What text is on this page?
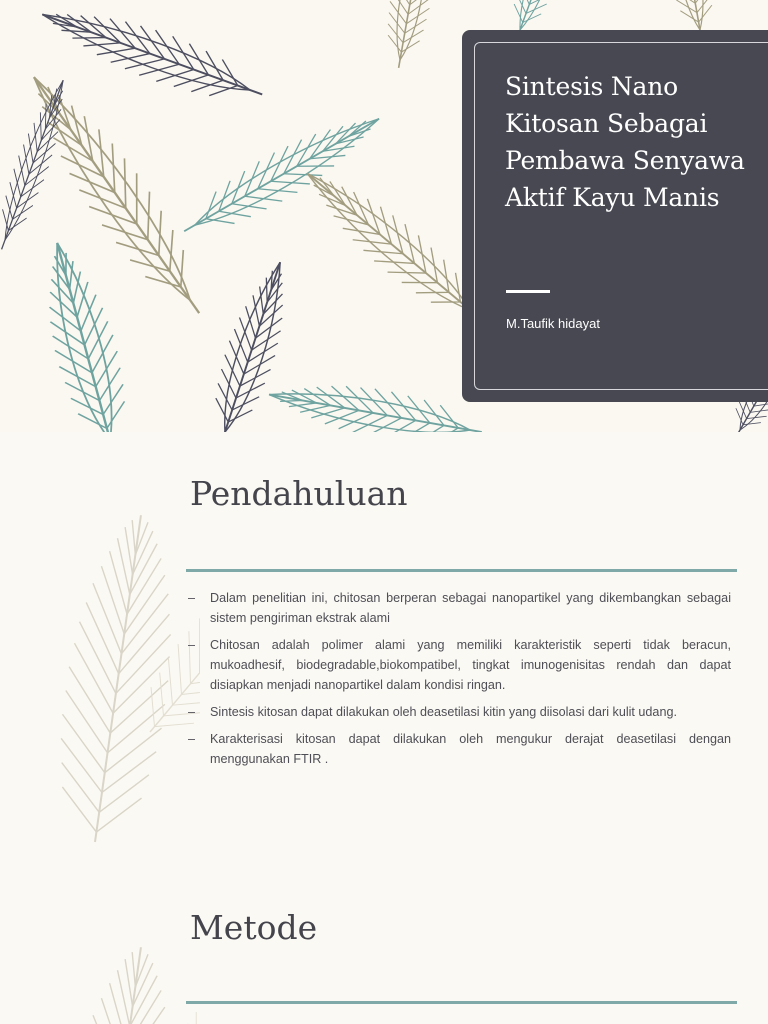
Sintesis Nano Kitosan Sebagai Pembawa Senyawa Aktif Kayu Manis
M.Taufik hidayat
Pendahuluan
– Dalam penelitian ini, chitosan berperan sebagai nanopartikel yang dikembangkan sebagai sistem pengiriman ekstrak alami
– Chitosan adalah polimer alami yang memiliki karakteristik seperti tidak beracun, mukoadhesif, biodegradable,biokompatibel, tingkat imunogenisitas rendah dan dapat disiapkan menjadi nanopartikel dalam kondisi ringan.
– Sintesis kitosan dapat dilakukan oleh deasetilasi kitin yang diisolasi dari kulit udang.
– Karakterisasi kitosan dapat dilakukan oleh mengukur derajat deasetilasi dengan menggunakan FTIR .
Metode
